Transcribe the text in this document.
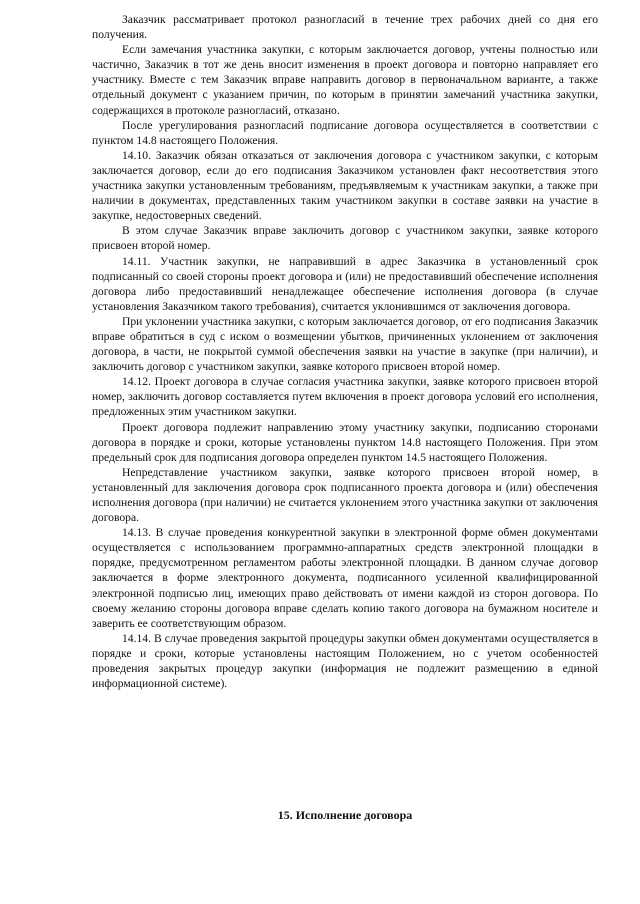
Заказчик рассматривает протокол разногласий в течение трех рабочих дней со дня его получения.

Если замечания участника закупки, с которым заключается договор, учтены полностью или частично, Заказчик в тот же день вносит изменения в проект договора и повторно направляет его участнику. Вместе с тем Заказчик вправе направить договор в первоначальном варианте, а также отдельный документ с указанием причин, по которым в принятии замечаний участника закупки, содержащихся в протоколе разногласий, отказано.

После урегулирования разногласий подписание договора осуществляется в соответствии с пунктом 14.8 настоящего Положения.

14.10. Заказчик обязан отказаться от заключения договора с участником закупки, с которым заключается договор, если до его подписания Заказчиком установлен факт несоответствия этого участника закупки установленным требованиям, предъявляемым к участникам закупки, а также при наличии в документах, представленных таким участником закупки в составе заявки на участие в закупке, недостоверных сведений.

В этом случае Заказчик вправе заключить договор с участником закупки, заявке которого присвоен второй номер.

14.11. Участник закупки, не направивший в адрес Заказчика в установленный срок подписанный со своей стороны проект договора и (или) не предоставивший обеспечение исполнения договора либо предоставивший ненадлежащее обеспечение исполнения договора (в случае установления Заказчиком такого требования), считается уклонившимся от заключения договора.

При уклонении участника закупки, с которым заключается договор, от его подписания Заказчик вправе обратиться в суд с иском о возмещении убытков, причиненных уклонением от заключения договора, в части, не покрытой суммой обеспечения заявки на участие в закупке (при наличии), и заключить договор с участником закупки, заявке которого присвоен второй номер.

14.12. Проект договора в случае согласия участника закупки, заявке которого присвоен второй номер, заключить договор составляется путем включения в проект договора условий его исполнения, предложенных этим участником закупки.

Проект договора подлежит направлению этому участнику закупки, подписанию сторонами договора в порядке и сроки, которые установлены пунктом 14.8 настоящего Положения. При этом предельный срок для подписания договора определен пунктом 14.5 настоящего Положения.

Непредставление участником закупки, заявке которого присвоен второй номер, в установленный для заключения договора срок подписанного проекта договора и (или) обеспечения исполнения договора (при наличии) не считается уклонением этого участника закупки от заключения договора.

14.13. В случае проведения конкурентной закупки в электронной форме обмен документами осуществляется с использованием программно-аппаратных средств электронной площадки в порядке, предусмотренном регламентом работы электронной площадки. В данном случае договор заключается в форме электронного документа, подписанного усиленной квалифицированной электронной подписью лиц, имеющих право действовать от имени каждой из сторон договора. По своему желанию стороны договора вправе сделать копию такого договора на бумажном носителе и заверить ее соответствующим образом.

14.14. В случае проведения закрытой процедуры закупки обмен документами осуществляется в порядке и сроки, которые установлены настоящим Положением, но с учетом особенностей проведения закрытых процедур закупки (информация не подлежит размещению в единой информационной системе).

15. Исполнение договора
